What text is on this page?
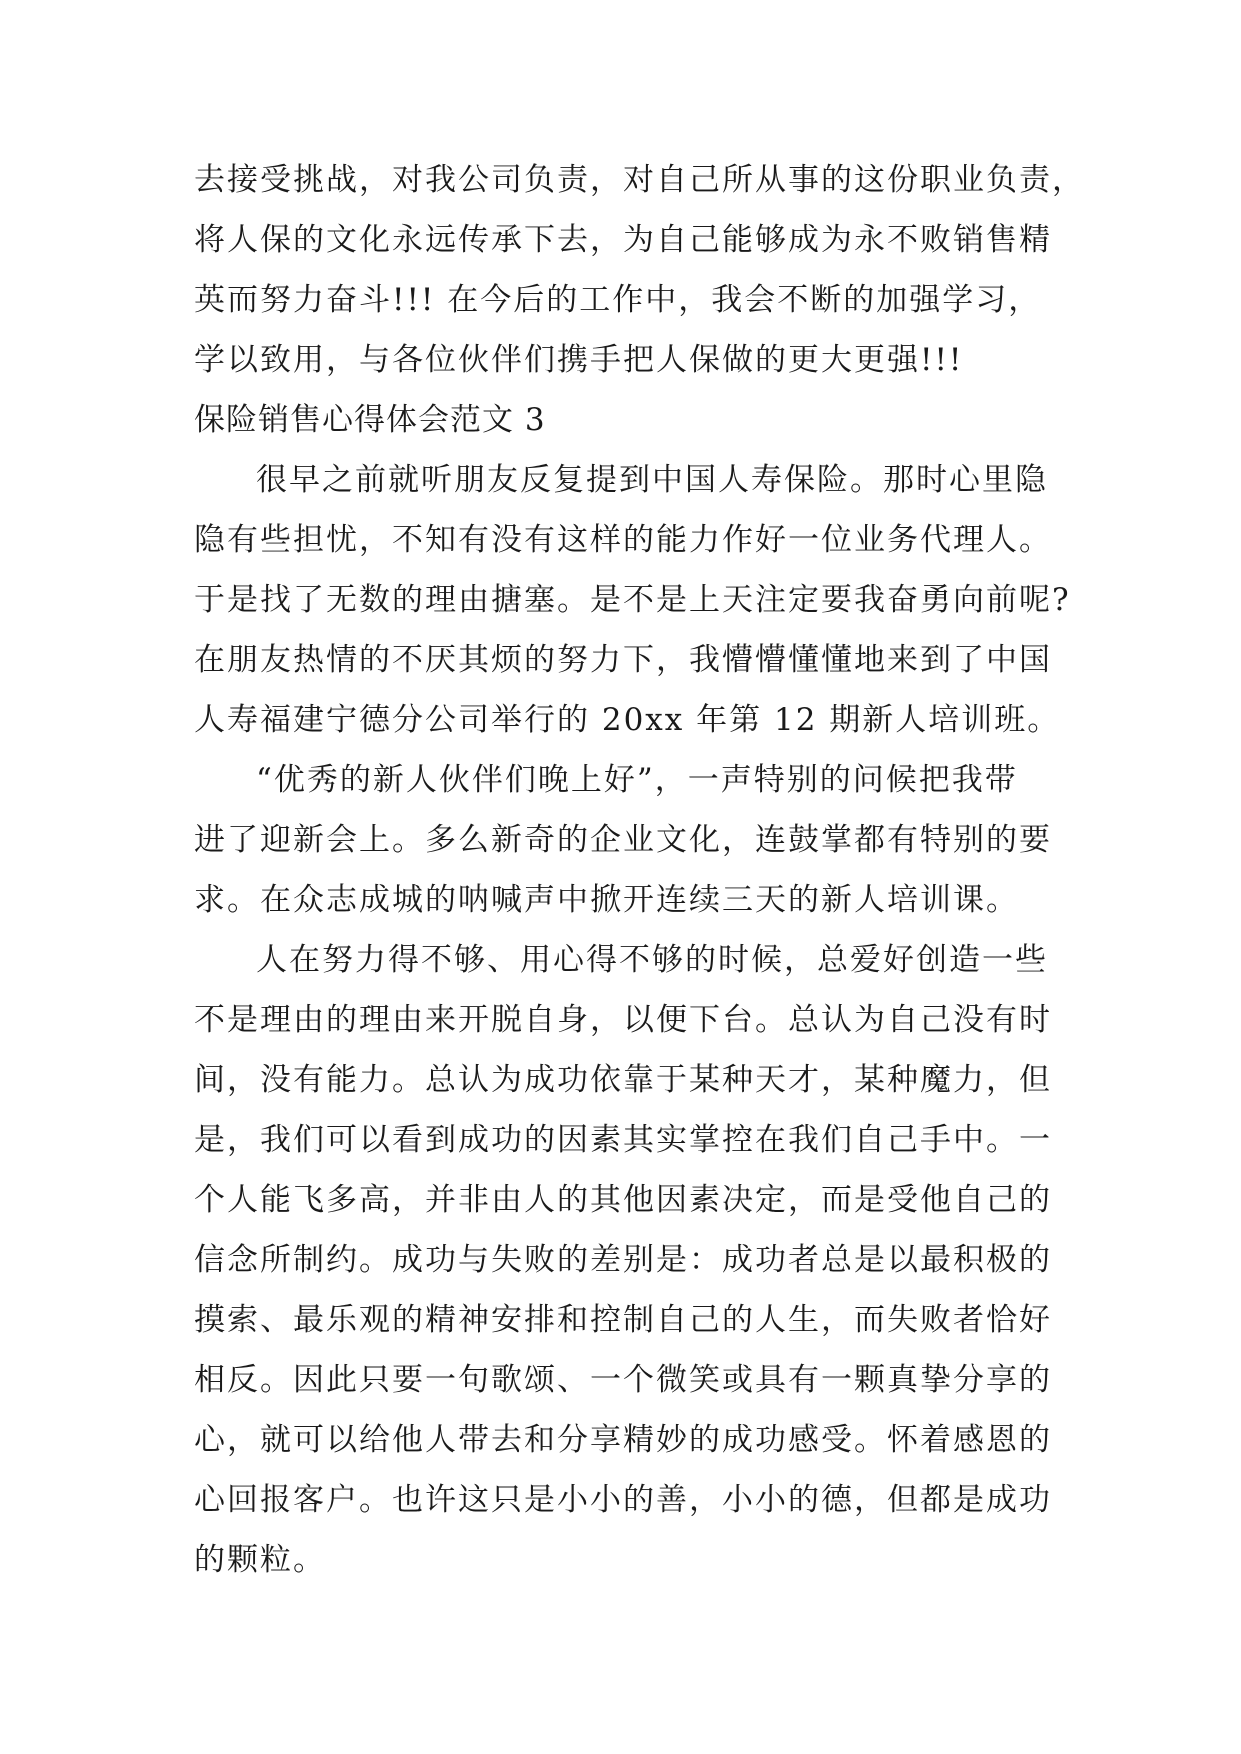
去接受挑战，对我公司负责，对自己所从事的这份职业负责，
将人保的文化永远传承下去，为自己能够成为永不败销售精
英而努力奋斗!!! 在今后的工作中，我会不断的加强学习，
学以致用，与各位伙伴们携手把人保做的更大更强!!!
保险销售心得体会范文 3
很早之前就听朋友反复提到中国人寿保险。那时心里隐
隐有些担忧，不知有没有这样的能力作好一位业务代理人。
于是找了无数的理由搪塞。是不是上天注定要我奋勇向前呢?
在朋友热情的不厌其烦的努力下，我懵懵懂懂地来到了中国
人寿福建宁德分公司举行的 20xx 年第 12 期新人培训班。
“优秀的新人伙伴们晚上好”，一声特别的问候把我带
进了迎新会上。多么新奇的企业文化，连鼓掌都有特别的要
求。在众志成城的呐喊声中掀开连续三天的新人培训课。
人在努力得不够、用心得不够的时候，总爱好创造一些
不是理由的理由来开脱自身，以便下台。总认为自己没有时
间，没有能力。总认为成功依靠于某种天才，某种魔力，但
是，我们可以看到成功的因素其实掌控在我们自己手中。一
个人能飞多高，并非由人的其他因素决定，而是受他自己的
信念所制约。成功与失败的差别是：成功者总是以最积极的
摸索、最乐观的精神安排和控制自己的人生，而失败者恰好
相反。因此只要一句歌颂、一个微笑或具有一颗真挚分享的
心，就可以给他人带去和分享精妙的成功感受。怀着感恩的
心回报客户。也许这只是小小的善，小小的德，但都是成功
的颗粒。
